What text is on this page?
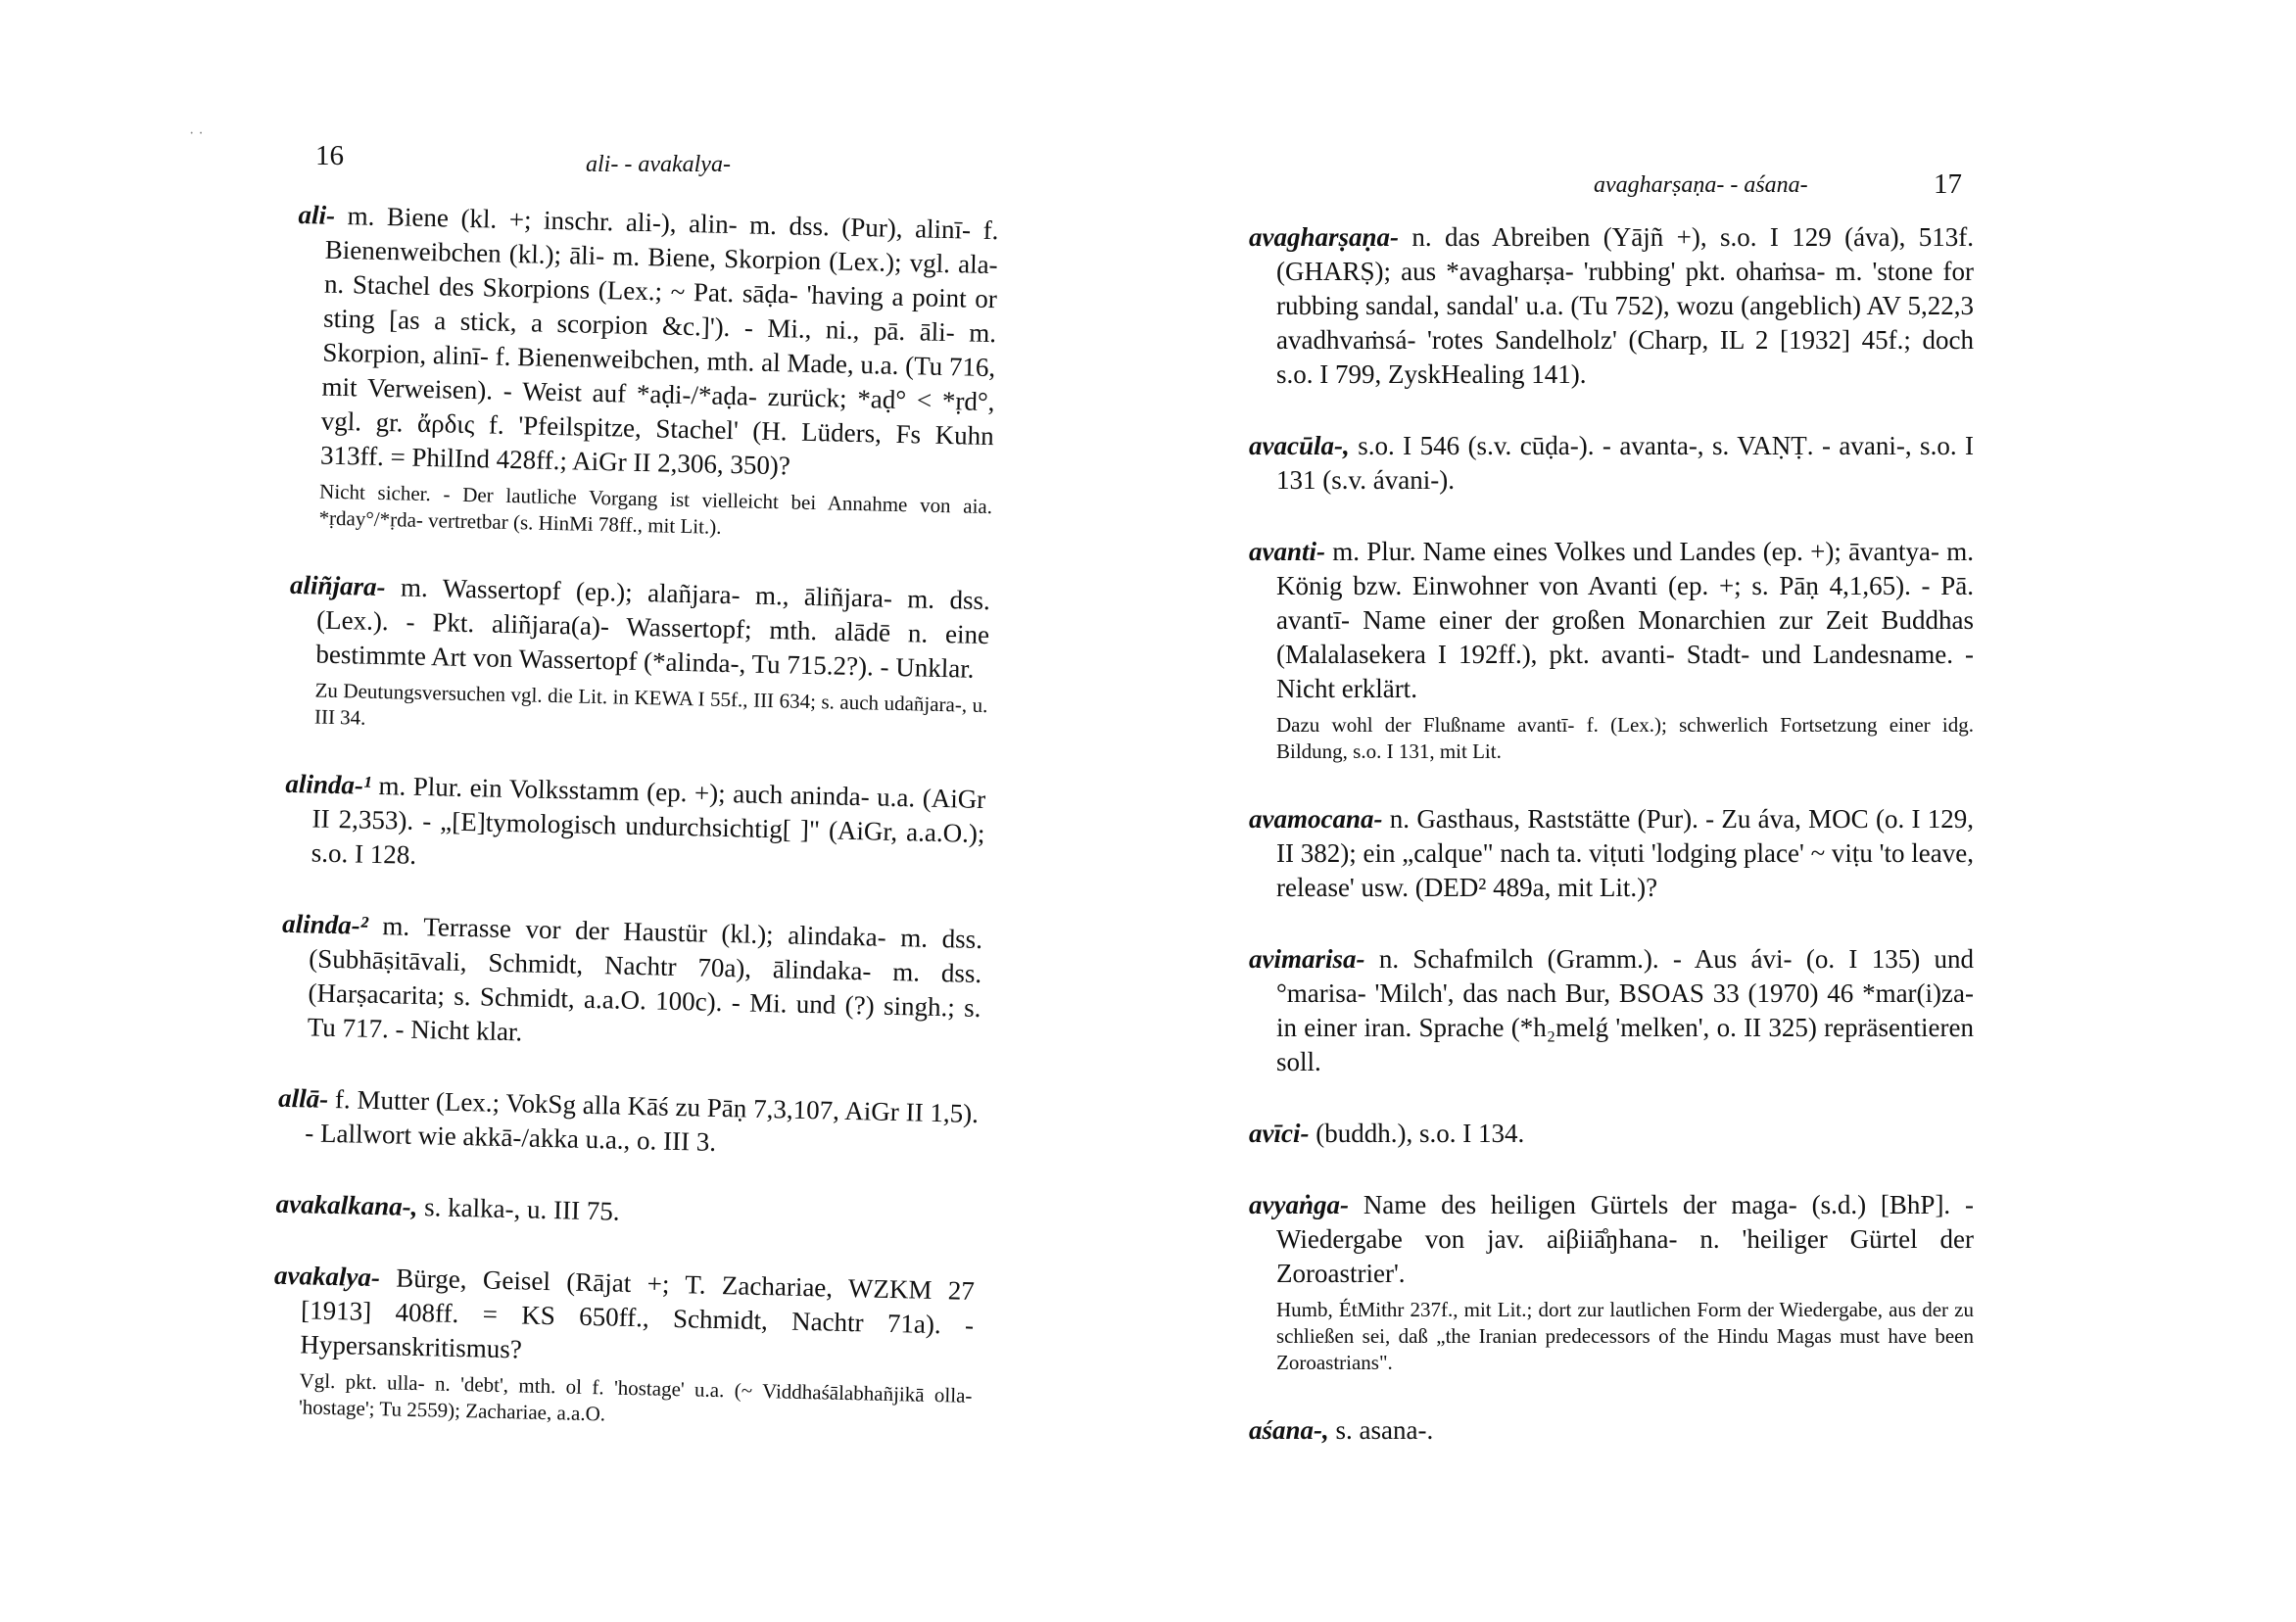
· ·
16	ali- - avakalya-
ali- m. Biene (kl. +; inschr. ali-), alin- m. dss. (Pur), alinī- f. Bienenweibchen (kl.); āli- m. Biene, Skorpion (Lex.); vgl. ala- n. Stachel des Skorpions (Lex.; ~ Pat. sāḍa- 'having a point or sting [as a stick, a scorpion &c.]'). - Mi., ni., pā. āli- m. Skorpion, alinī- f. Bienenweibchen, mth. al Made, u.a. (Tu 716, mit Verweisen). - Weist auf *aḍi-/*aḍa- zurück; *aḍ° < *ṛd°, vgl. gr. ἄρδις f. 'Pfeilspitze, Stachel' (H. Lüders, Fs Kuhn 313ff. = PhilInd 428ff.; AiGr II 2,306, 350)?
Nicht sicher. - Der lautliche Vorgang ist vielleicht bei Annahme von aia. *ṛday°/*ṛda- vertretbar (s. HinMi 78ff., mit Lit.).
aliñjara- m. Wassertopf (ep.); alañjara- m., āliñjara- m. dss. (Lex.). - Pkt. aliñjara(a)- Wassertopf; mth. alādē n. eine bestimmte Art von Wassertopf (*alinda-, Tu 715.2?). - Unklar.
Zu Deutungsversuchen vgl. die Lit. in KEWA I 55f., III 634; s. auch udañjara-, u. III 34.
alinda-¹ m. Plur. ein Volksstamm (ep. +); auch aninda- u.a. (AiGr II 2,353). - „[E]tymologisch undurchsichtig[ ]" (AiGr, a.a.O.); s.o. I 128.
alinda-² m. Terrasse vor der Haustür (kl.); alindaka- m. dss. (Subhāṣitāvali, Schmidt, Nachtr 70a), ālindaka- m. dss. (Harṣacarita; s. Schmidt, a.a.O. 100c). - Mi. und (?) singh.; s. Tu 717. - Nicht klar.
allā- f. Mutter (Lex.; VokSg alla Kāś zu Pāṇ 7,3,107, AiGr II 1,5). - Lallwort wie akkā-/akka u.a., o. III 3.
avakalkana-, s. kalka-, u. III 75.
avakalya- Bürge, Geisel (Rājat +; T. Zachariae, WZKM 27 [1913] 408ff. = KS 650ff., Schmidt, Nachtr 71a). - Hypersanskritismus?
Vgl. pkt. ulla- n. 'debt', mth. ol f. 'hostage' u.a. (~ Viddhaśālabhañjikā olla- 'hostage'; Tu 2559); Zachariae, a.a.O.
avagharṣaṇa- - aśana-	17
avagharṣaṇa- n. das Abreiben (Yājñ +), s.o. I 129 (áva), 513f. (GHARṢ); aus *avagharṣa- 'rubbing' pkt. ohaṁsa- m. 'stone for rubbing sandal, sandal' u.a. (Tu 752), wozu (angeblich) AV 5,22,3 avadhvaṁsá- 'rotes Sandelholz' (Charp, IL 2 [1932] 45f.; doch s.o. I 799, ZyskHealing 141).
avacūla-, s.o. I 546 (s.v. cūḍa-). - avanta-, s. VAṆṬ. - avani-, s.o. I 131 (s.v. ávani-).
avanti- m. Plur. Name eines Volkes und Landes (ep. +); āvantya- m. König bzw. Einwohner von Avanti (ep. +; s. Pāṇ 4,1,65). - Pā. avantī- Name einer der großen Monarchien zur Zeit Buddhas (Malalasekera I 192ff.), pkt. avanti- Stadt- und Landesname. - Nicht erklärt.
Dazu wohl der Flußname avantī- f. (Lex.); schwerlich Fortsetzung einer idg. Bildung, s.o. I 131, mit Lit.
avamocana- n. Gasthaus, Raststätte (Pur). - Zu áva, MOC (o. I 129, II 382); ein „calque" nach ta. viṭuti 'lodging place' ~ viṭu 'to leave, release' usw. (DED² 489a, mit Lit.)?
avimarisa- n. Schafmilch (Gramm.). - Aus ávi- (o. I 135) und °marisa- 'Milch', das nach Bur, BSOAS 33 (1970) 46 *mar(i)za- in einer iran. Sprache (*h₂melǵ 'melken', o. II 325) repräsentieren soll.
avīci- (buddh.), s.o. I 134.
avyaṅga- Name des heiligen Gürtels der maga- (s.d.) [BhP]. - Wiedergabe von jav. aiβiiā̊ŋhana- n. 'heiliger Gürtel der Zoroastrier'.
Humb, ÉtMithr 237f., mit Lit.; dort zur lautlichen Form der Wiedergabe, aus der zu schließen sei, daß „the Iranian predecessors of the Hindu Magas must have been Zoroastrians".
aśana-, s. asana-.
